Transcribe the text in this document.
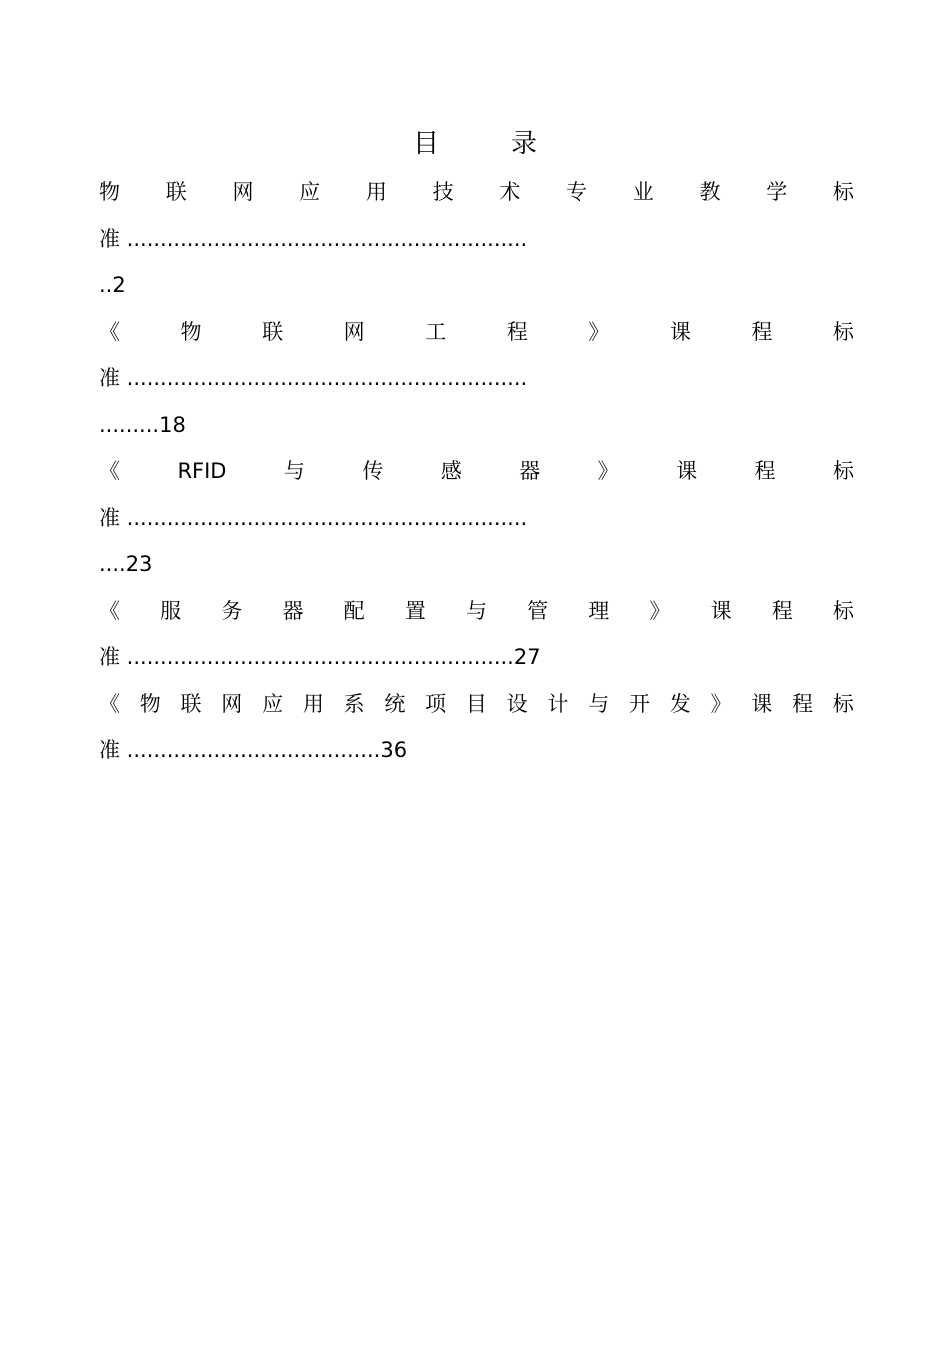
目	录
物 联 网 应 用 技 术 专 业 教 学 标
准 ............................................................
..2
《	物	联	网	工	程	》	课	程	标
准 ............................................................
.........18
《	RFID	与	传	感	器	》	课	程	标
准 ............................................................
....23
《 服 务 器 配 置 与 管 理 》 课 程 标
准 ..........................................................27
《 物 联 网 应 用 系 统 项 目 设 计 与 开 发 》 课 程 标
准 ......................................36
